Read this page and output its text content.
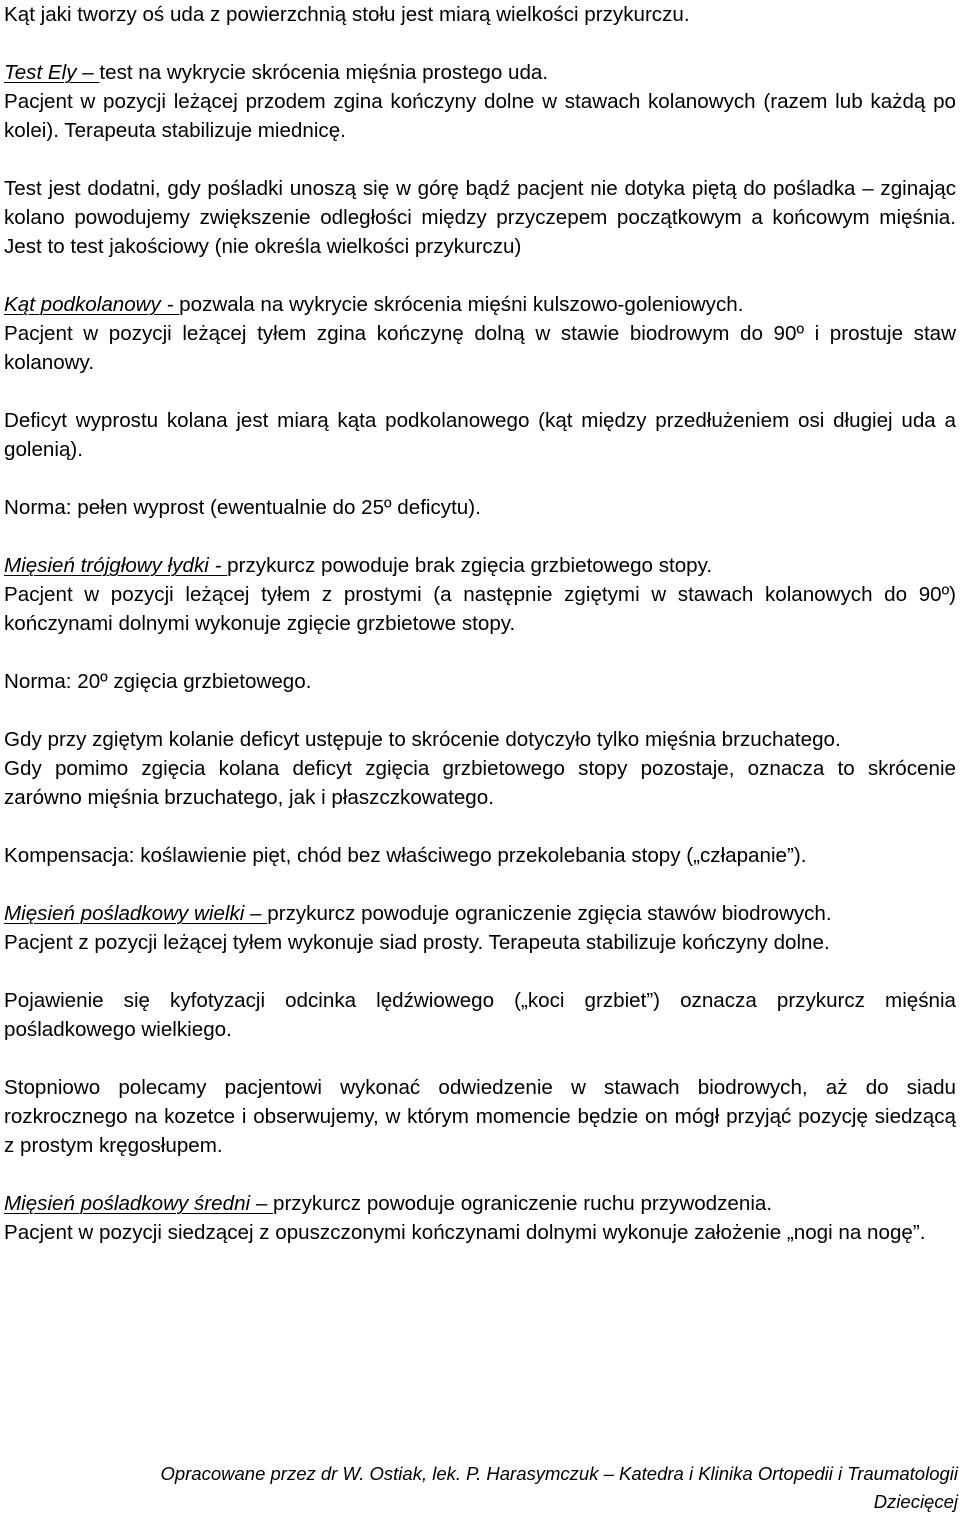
Kąt jaki tworzy oś uda z powierzchnią stołu jest miarą wielkości przykurczu.

Test Ely – test na wykrycie skrócenia mięśnia prostego uda.
Pacjent w pozycji leżącej przodem zgina kończyny dolne w stawach kolanowych (razem lub każdą po kolei). Terapeuta stabilizuje miednicę.

Test jest dodatni, gdy pośladki unoszą się w górę bądź pacjent nie dotyka piętą do pośladka – zginając kolano powodujemy zwiększenie odległości między przyczepem początkowym a końcowym mięśnia. Jest to test jakościowy (nie określa wielkości przykurczu)

Kąt podkolanowy - pozwala na wykrycie skrócenia mięśni kulszowo-goleniowych.
Pacjent w pozycji leżącej tyłem zgina kończynę dolną w stawie biodrowym do 90º i prostuje staw kolanowy.

Deficyt wyprostu kolana jest miarą kąta podkolanowego (kąt między przedłużeniem osi długiej uda a golenią).

Norma: pełen wyprost (ewentualnie do 25º deficytu).

Mięsień trójgłowy łydki - przykurcz powoduje brak zgięcia grzbietowego stopy.
Pacjent w pozycji leżącej tyłem z prostymi (a następnie zgiętymi w stawach kolanowych do 90º) kończynami dolnymi wykonuje zgięcie grzbietowe stopy.

Norma: 20º zgięcia grzbietowego.

Gdy przy zgiętym kolanie deficyt ustępuje to skrócenie dotyczyło tylko mięśnia brzuchatego.
Gdy pomimo zgięcia kolana deficyt zgięcia grzbietowego stopy pozostaje, oznacza to skrócenie zarówno mięśnia brzuchatego, jak i płaszczkowatego.

Kompensacja: koślawienie pięt, chód bez właściwego przekolebania stopy („człapanie”).

Mięsień pośladkowy wielki – przykurcz powoduje ograniczenie zgięcia stawów biodrowych.
Pacjent z pozycji leżącej tyłem wykonuje siad prosty. Terapeuta stabilizuje kończyny dolne.

Pojawienie się kyfotyzacji odcinka lędźwiowego („koci grzbiet”) oznacza przykurcz mięśnia pośladkowego wielkiego.

Stopniowo polecamy pacjentowi wykonać odwiedzenie w stawach biodrowych, aż do siadu rozkrocznego na kozetce i obserwujemy, w którym momencie będzie on mógł przyjąć pozycję siedzącą z prostym kręgosłupem.

Mięsień pośladkowy średni – przykurcz powoduje ograniczenie ruchu przywodzenia.
Pacjent w pozycji siedzącej z opuszczonymi kończynami dolnymi wykonuje założenie „nogi na nogę”.

Opracowane przez dr W. Ostiak, lek. P. Harasymczuk – Katedra i Klinika Ortopedii i Traumatologii
Dziecięcej
